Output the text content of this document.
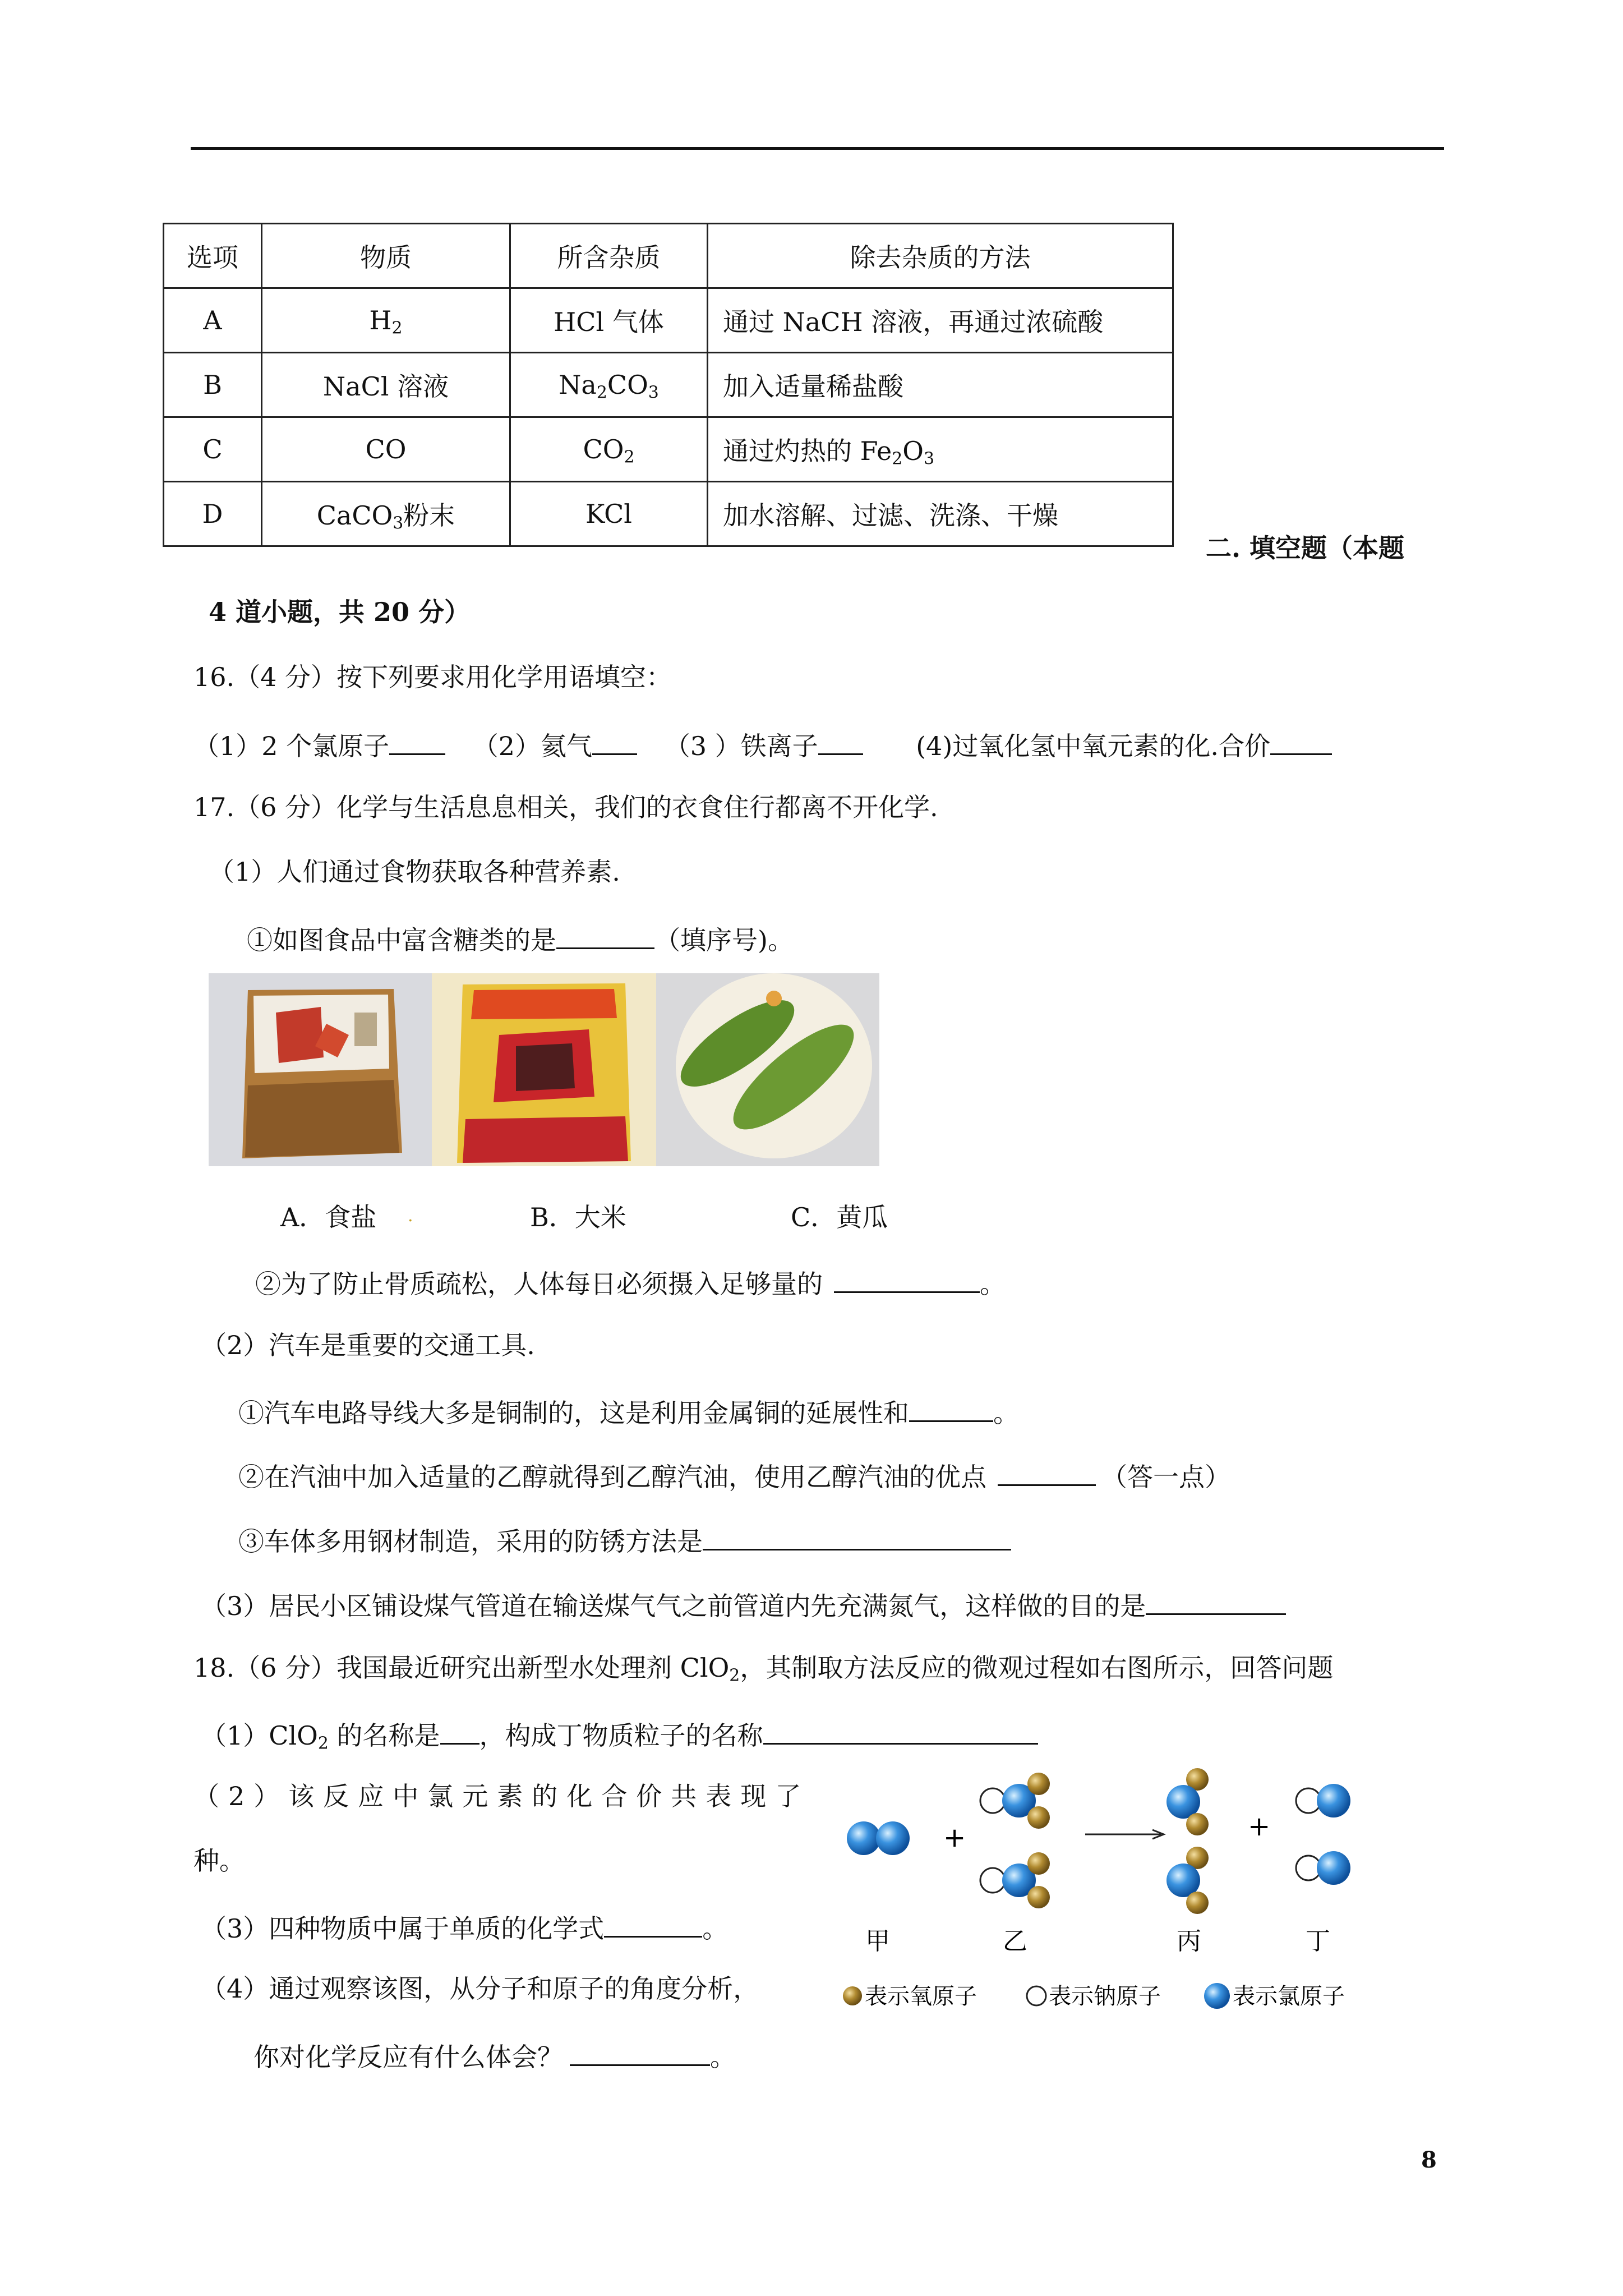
选项	物质	所含杂质	除去杂质的方法
A	$H_2$	HCl 气体	通过 NaCH 溶液，再通过浓硫酸
B	NaCl 溶液	$Na_2CO_3$	加入适量稀盐酸
C	CO	$CO_2$	通过灼热的 $Fe_2O_3$
D	CaCO$_3$粉末	KCl	加水溶解、过滤、洗涤、干燥
二. 填空题（本题
4 道小题，共 20 分）
16.（4 分）按下列要求用化学用语填空：
（1）2 个氯原子	（2）氦气	（3 ）铁离子	(4)过氧化氢中氧元素的化.合价
17.（6 分）化学与生活息息相关，我们的衣食住行都离不开化学.
（1）人们通过食物获取各种营养素.
①如图食品中富含糖类的是	（填序号)。
A．食盐 .	B．大米	C．黄瓜
②为了防止骨质疏松，人体每日必须摄入足够量的	。
（2）汽车是重要的交通工具.
①汽车电路导线大多是铜制的，这是利用金属铜的延展性和	。
②在汽油中加入适量的乙醇就得到乙醇汽油，使用乙醇汽油的优点	（答一点）
③车体多用钢材制造，采用的防锈方法是
（3）居民小区铺设煤气管道在输送煤气气之前管道内先充满氮气，这样做的目的是
18.（6 分）我国最近研究出新型水处理剂 ClO$_2$，其制取方法反应的微观过程如右图所示，回答问题
（1）ClO$_2$ 的名称是 ，构成丁物质粒子的名称
（2）该反应中氯元素的化合价共表现了
种。
（3）四种物质中属于单质的化学式	。
（4）通过观察该图，从分子和原子的角度分析，
你对化学反应有什么体会？	。
+	+
甲	乙	丙	丁
表示氧原子	表示钠原子	表示氯原子
8
